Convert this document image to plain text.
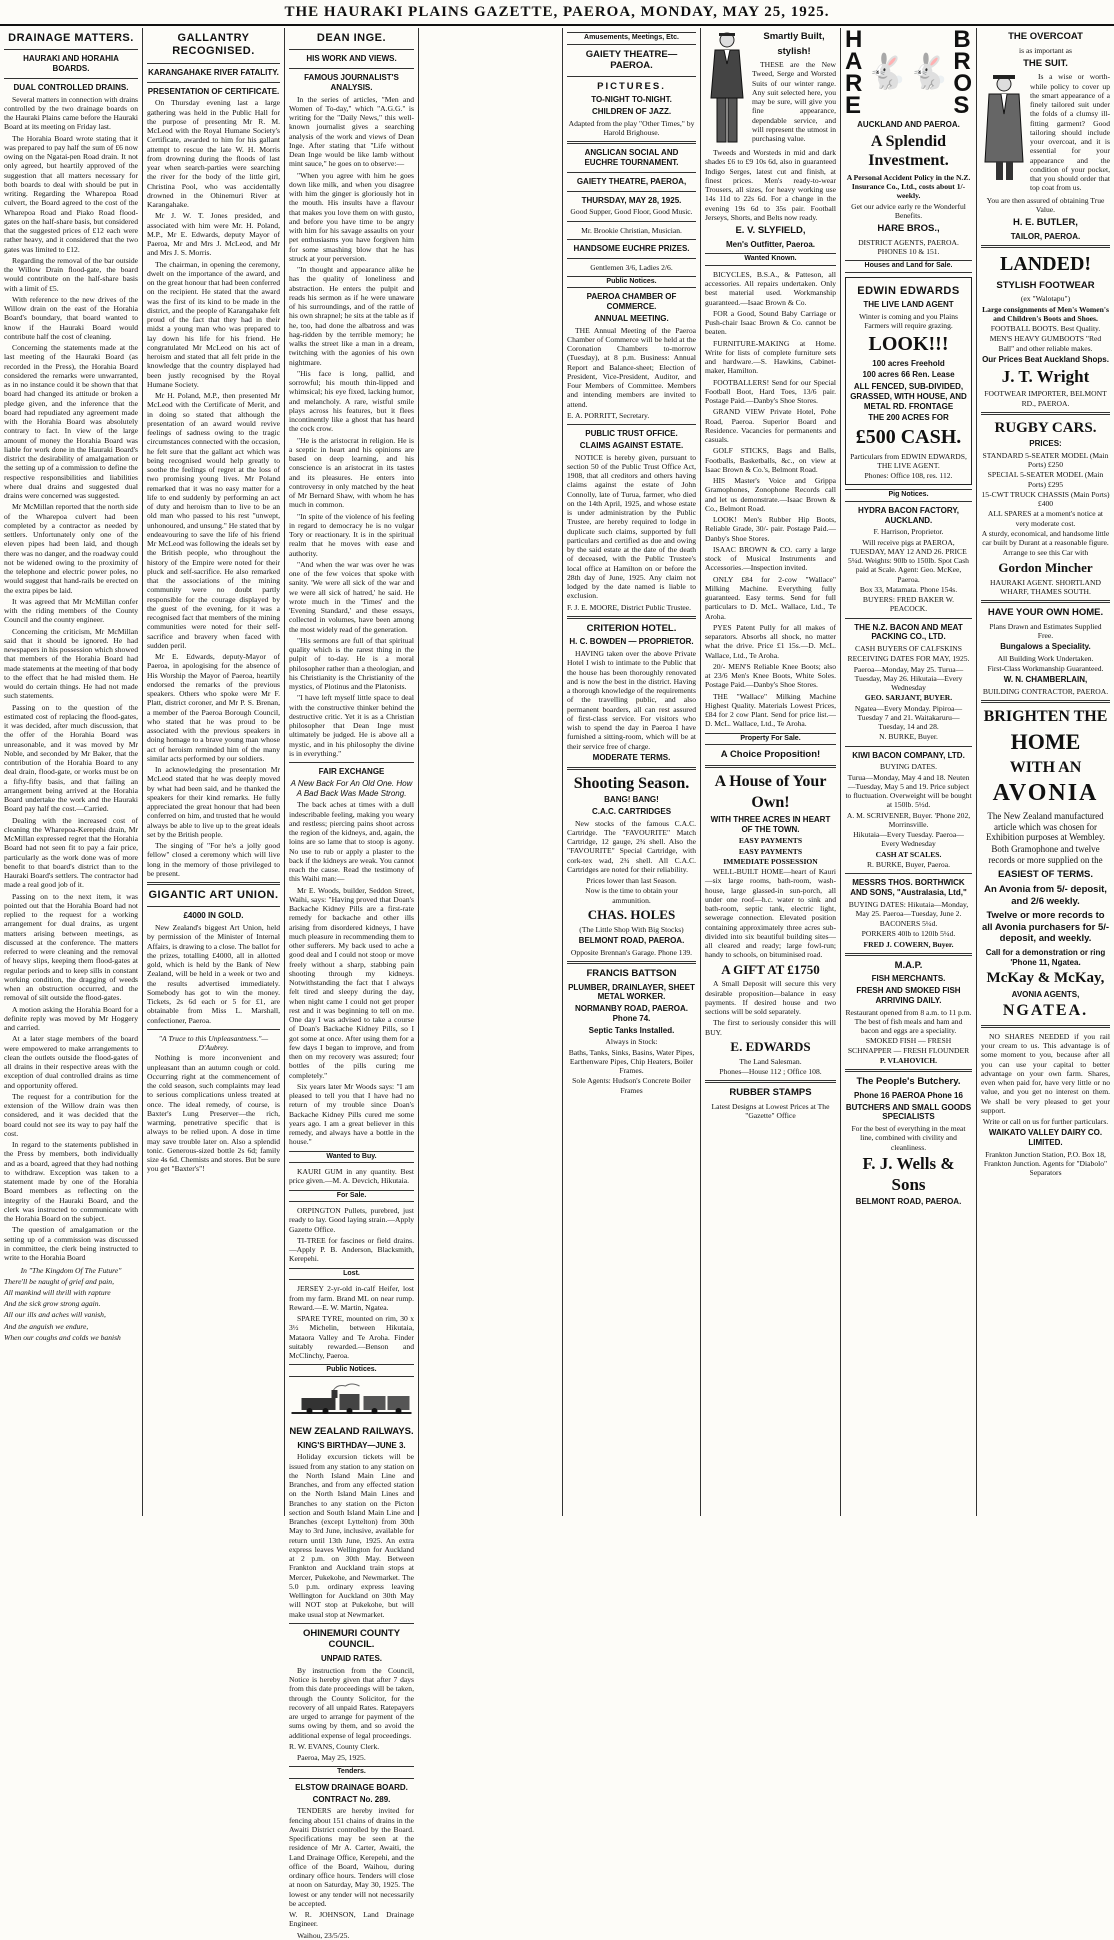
THE HAURAKI PLAINS GAZETTE, PAEROA, MONDAY, MAY 25, 1925.
DRAINAGE MATTERS.
HAURAKI AND HORAHIA BOARDS.
DUAL CONTROLLED DRAINS.

Several matters in connection with drains controlled by the two drainage boards on the Hauraki Plains came before the Hauraki Board at its meeting on Friday last.

The Horahia Board wrote stating that it was prepared to pay half the sum of £6 now owing on the Ngatai-pen Road drain. It not only agreed, but heartily approved of the suggestion that all matters necessary for both boards to deal with should be put in writing. Regarding the Wharepoa Road culvert, the Board agreed to the cost of the Wharepoa Road and Piako Road flood-gates on the half-share basis, but considered that the suggested prices of £12 each were rather heavy, and it considered that the two gates was limited to £12.

Regarding the removal of the bar outside the Willow Drain flood-gate, the board would contribute on the half-share basis with a limit of £5.

With reference to the new drives of the Willow drain on the east of the Horahia Board's boundary, that board wanted to know if the Hauraki Board would contribute half the cost of cleaning.

Concerning the statements made at the last meeting of the Hauraki Board (as recorded in the Press), the Horahia Board considered the remarks were unwarranted, as in no instance could it be shown that that board had changed its attitude or broken a pledge given, and the inference that the board had repudiated any agreement made with the Horahia Board was absolutely contrary to fact. In view of the large amount of money the Horahia Board was liable for work done in the Hauraki Board's district the desirability of amalgamation or the setting up of a commission to define the respective responsibilities and liabilities where dual drains and suggested dual drains were concerned was suggested.

Mr McMillan reported that the north side of the Wharepoa culvert had been completed by a contractor as needed by settlers. Unfortunately only one of the eleven pipes had been laid, and though there was no danger, and the roadway could not be widened owing to the proximity of the telephone and electric power poles, no would suggest that hand-rails be erected on the extra pipes be laid.

It was agreed that Mr McMillan confer with the riding members of the County Council and the county engineer.

Concerning the criticism, Mr McMillan said that it should be ignored. He had newspapers in his possession which showed that members of the Horahia Board had made statements at the meeting of that body to the effect that he had misled them. He would do certain things. He had not made such statements.

Passing on to the question of the estimated cost of replacing the flood-gates, it was decided, after much discussion, that the offer of the Horahia Board was unreasonable, and it was moved by Mr Noble, and seconded by Mr Baker, that the contribution of the Horahia Board to any deal drain, flood-gate, or works must be on a fifty-fifty basis, and that failing an arrangement being arrived at the Horahia Board undertake the work and the Hauraki Board pay half the cost.—Carried.

Dealing with the increased cost of cleaning the Wharepoa-Kerepehi drain, Mr McMillan expressed regret that the Horahia Board had not seen fit to pay a fair price, particularly as the work done was of more benefit to that board's district than to the Hauraki Board's settlers. The contractor had made a real good job of it.

Passing on to the next item, it was pointed out that the Horahia Board had not replied to the request for a working arrangement for dual drains, as urgent matters arising between meetings, as discussed at the conference. The matters referred to were cleaning and the removal of heavy slips, keeping them flood-gates at regular periods and to keep sills in constant working condition, the dragging of weeds when an obstruction occurred, and the removal of silt outside the flood-gates.

A motion asking the Horahia Board for a definite reply was moved by Mr Hoggery and carried.

At a later stage members of the board were empowered to make arrangements to clean the outlets outside the flood-gates of all drains in their respective areas with the exception of dual controlled drains as time and opportunity offered.

The request for a contribution for the extension of the Willow drain was then considered, and it was decided that the board could not see its way to pay half the cost.

In regard to the statements published in the Press by members, both individually and as a board, agreed that they had nothing to withdraw. Exception was taken to a statement made by one of the Horahia Board members as reflecting on the integrity of the Hauraki Board, and the clerk was instructed to communicate with the Horahia Board on the subject.

The question of amalgamation or the setting up of a commission was discussed in committee, the clerk being instructed to write to the Horahia Board

In "The Kingdom Of The Future"

There'll be naught of grief and pain,

All mankind will thrill with rapture

And the sick grow strong again.

All our ills and aches will vanish,

And the anguish we endure,

When our coughs and colds we banish

GALLANTRY RECOGNISED.
KARANGAHAKE RIVER FATALITY.
PRESENTATION OF CERTIFICATE.

On Thursday evening last a large gathering was held in the Public Hall for the purpose of presenting Mr R. M. McLeod with the Royal Humane Society's Certificate, awarded to him for his gallant attempt to rescue the late W. H. Morris from drowning during the floods of last year when search-parties were searching the river for the body of the little girl, Christina Pool, who was accidentally drowned in the Ohinemuri River at Karangahake.

Mr J. W. T. Jones presided, and associated with him were Mr. H. Poland, M.P., Mr E. Edwards, deputy Mayor of Paeroa, Mr and Mrs J. McLeod, and Mr and Mrs J. S. Morris.

The chairman, in opening the ceremony, dwelt on the importance of the award, and on the great honour that had been conferred on the recipient. He stated that the award was the first of its kind to be made in the district, and the people of Karangahake felt proud of the fact that they had in their midst a young man who was prepared to lay down his life for his friend. He congratulated Mr McLeod on his act of heroism and stated that all felt pride in the knowledge that the country displayed had been justly recognised by the Royal Humane Society.

Mr H. Poland, M.P., then presented Mr McLeod with the Certificate of Merit, and in doing so stated that although the presentation of an award would revive feelings of sadness owing to the tragic circumstances connected with the occasion, he felt sure that the gallant act which was being recognised would help greatly to soothe the feelings of regret at the loss of two promising young lives. Mr Poland remarked that it was no easy matter for a life to end suddenly by performing an act of duty and heroism than to live to be an old man who passed to his rest "unwept, unhonoured, and unsung." He stated that by endeavouring to save the life of his friend Mr McLeod was following the ideals set by the British people, who throughout the history of the Empire were noted for their pluck and self-sacrifice. He also remarked that the associations of the mining community were no doubt partly responsible for the courage displayed by the guest of the evening, for it was a recognised fact that members of the mining communities were noted for their self-sacrifice and bravery when faced with sudden peril.

Mr E. Edwards, deputy-Mayor of Paeroa, in apologising for the absence of His Worship the Mayor of Paeroa, heartily endorsed the remarks of the previous speakers. Others who spoke were Mr F. Platt, district coroner, and Mr P. S. Brenan, a member of the Paeroa Borough Council, who stated that he was proud to be associated with the previous speakers in doing homage to a brave young man whose act of heroism reminded him of the many similar acts performed by our soldiers.

In acknowledging the presentation Mr McLeod stated that he was deeply moved by what had been said, and he thanked the speakers for their kind remarks. He fully appreciated the great honour that had been conferred on him, and trusted that he would always be able to live up to the great ideals set by the British people.

The singing of "For he's a jolly good fellow" closed a ceremony which will live long in the memory of those privileged to be present.

GIGANTIC ART UNION.
£4000 IN GOLD.

New Zealand's biggest Art Union, held by permission of the Minister of Internal Affairs, is drawing to a close. The ballot for the prizes, totalling £4000, all in allotted gold, which is held by the Bank of New Zealand, will be held in a week or two and the results advertised immediately. Somebody has got to win the money. Tickets, 2s 6d each or 5 for £1, are obtainable from Miss L. Marshall, confectioner, Paeroa.

"A Truce to this Unpleasantness."—D'Aubrey.

Nothing is more inconvenient and unpleasant than an autumn cough or cold. Occurring right at the commencement of the cold season, such complaints may lead to serious complications unless treated at once. The ideal remedy, of course, is Baxter's Lung Preserver—the rich, warming, penetrative specific that is always to be relied upon. A dose in time may save trouble later on. Also a splendid tonic. Generous-sized bottle 2s 6d; family size 4s 6d. Chemists and stores. But be sure you get "Baxter's"!

DEAN INGE.
HIS WORK AND VIEWS.
FAMOUS JOURNALIST'S ANALYSIS.

In the series of articles, "Men and Women of To-day," which "A.G.G." is writing for the "Daily News," this well-known journalist gives a searching analysis of the work and views of Dean Inge. After stating that "Life without Dean Inge would be like lamb without mint sauce," he goes on to observe:—

"When you agree with him he goes down like milk, and when you disagree with him the ginger is gloriously hot in the mouth. His insults have a flavour that makes you love them on with gusto, and before you have time to be angry with him for his savage assaults on your pet enthusiasms you have forgiven him for some smashing blow that he has struck at your perversion.

"In thought and appearance alike he has the quality of loneliness and abstraction. He enters the pulpit and reads his sermon as if he were unaware of his surroundings, and of the rattle of his own shrapnel; he sits at the table as if he, too, had done the albatross and was hag-ridden by the terrible memory; he walks the street like a man in a dream, twitching with the agonies of his own nightmare.

"His face is long, pallid, and sorrowful; his mouth thin-lipped and whimsical; his eye fixed, lacking humor, and melancholy. A rare, wistful smile plays across his features, but it flees incontinently like a ghost that has heard the cock crow.

"He is the aristocrat in religion. He is a sceptic in heart and his opinions are based on deep learning, and his conscience is an aristocrat in its tastes and its pleasures. He enters into controversy in only matched by the heat of Mr Bernard Shaw, with whom he has much in common.

"In spite of the violence of his feeling in regard to democracy he is no vulgar Tory or reactionary. It is in the spiritual realm that he moves with ease and authority.

"And when the war was over he was one of the few voices that spoke with sanity. 'We were all sick of the war and we were all sick of hatred,' he said. He wrote much in the 'Times' and the 'Evening Standard,' and these essays, collected in volumes, have been among the most widely read of the generation.

"His sermons are full of that spiritual quality which is the rarest thing in the pulpit of to-day. He is a moral philosopher rather than a theologian, and his Christianity is the Christianity of the mystics, of Plotinus and the Platonists.

"I have left myself little space to deal with the constructive thinker behind the destructive critic. Yet it is as a Christian philosopher that Dean Inge must ultimately be judged. He is above all a mystic, and in his philosophy the divine is in everything."

FAIR EXCHANGE
A New Back For An Old One. How A Bad Back Was Made Strong.

The back aches at times with a dull indescribable feeling, making you weary and restless; piercing pains shoot across the region of the kidneys, and, again, the loins are so lame that to stoop is agony. No use to rub or apply a plaster to the back if the kidneys are weak. You cannot reach the cause. Read the testimony of this Waihi man:—

Mr E. Woods, builder, Seddon Street, Waihi, says: "Having proved that Doan's Backache Kidney Pills are a first-rate remedy for backache and other ills arising from disordered kidneys, I have much pleasure in recommending them to other sufferers. My back used to ache a good deal and I could not stoop or move freely without a sharp, stabbing pain shooting through my kidneys. Notwithstanding the fact that I always felt tired and sleepy during the day, when night came I could not get proper rest and it was beginning to tell on me. One day I was advised to take a course of Doan's Backache Kidney Pills, so I got some at once. After using them for a few days I began to improve, and from then on my recovery was assured; four bottles of the pills curing me completely."

Six years later Mr Woods says: "I am pleased to tell you that I have had no return of my trouble since Doan's Backache Kidney Pills cured me some years ago. I am a great believer in this remedy, and always have a bottle in the house."

Wanted to Buy.

KAURI GUM in any quantity. Best price given.—M. A. Devcich, Hikutaia.

For Sale.

ORPINGTON Pullets, purebred, just ready to lay. Good laying strain.—Apply Gazette Office.

TI-TREE for fascines or field drains.—Apply P. B. Anderson, Blacksmith, Kerepehi.

Lost.

JERSEY 2-yr-old in-calf Heifer, lost from my farm. Brand ML on near rump. Reward.—E. W. Martin, Ngatea.

SPARE TYRE, mounted on rim, 30 x 3½ Michelin, between Hikutaia, Mataora Valley and Te Aroha. Finder suitably rewarded.—Benson and McClinchy, Paeroa.

Public Notices.
NEW ZEALAND RAILWAYS.
KING'S BIRTHDAY—JUNE 3.

Holiday excursion tickets will be issued from any station to any station on the North Island Main Line and Branches, and from any effected station on the North Island Main Lines and Branches to any station on the Picton section and South Island Main Line and Branches (except Lyttelton) from 30th May to 3rd June, inclusive, available for return until 13th June, 1925. An extra express leaves Wellington for Auckland at 2 p.m. on 30th May. Between Frankton and Auckland train stops at Mercer, Pukekohe, and Newmarket. The 5.0 p.m. ordinary express leaving Wellington for Auckland on 30th May will NOT stop at Pukekohe, but will make usual stop at Newmarket.

OHINEMURI COUNTY COUNCIL.
UNPAID RATES.

By instruction from the Council, Notice is hereby given that after 7 days from this date proceedings will be taken, through the County Solicitor, for the recovery of all unpaid Rates. Ratepayers are urged to arrange for payment of the sums owing by them, and so avoid the additional expense of legal proceedings.

R. W. EVANS, County Clerk.

Paeroa, May 25, 1925.

Tenders.
ELSTOW DRAINAGE BOARD.
CONTRACT No. 289.

TENDERS are hereby invited for fencing about 151 chains of drains in the Awaiti District controlled by the Board. Specifications may be seen at the residence of Mr A. Carter, Awaiti, the Land Drainage Office, Kerepehi, and the office of the Board, Waihou, during ordinary office hours. Tenders will close at noon on Saturday, May 30, 1925. The lowest or any tender will not necessarily be accepted.

W. R. JOHNSON, Land Drainage Engineer.

Waihou, 23/5/25.

Amusements, Meetings, Etc.
GAIETY THEATRE—PAEROA.
PICTURES.
TO-NIGHT TO-NIGHT.
CHILDREN OF JAZZ.
Adapted from the play "Other Times," by Harold Brighouse.
ANGLICAN SOCIAL AND EUCHRE TOURNAMENT.
GAIETY THEATRE, PAEROA,
THURSDAY, MAY 28, 1925.
Good Supper, Good Floor, Good Music.
Mr. Brookie Christian, Musician.
HANDSOME EUCHRE PRIZES.
Gentlemen 3/6, Ladies 2/6.
Public Notices.
PAEROA CHAMBER OF COMMERCE.
ANNUAL MEETING.

THE Annual Meeting of the Paeroa Chamber of Commerce will be held at the Coronation Chambers to-morrow (Tuesday), at 8 p.m. Business: Annual Report and Balance-sheet; Election of President, Vice-President, Auditor, and Four Members of Committee. Members and intending members are invited to attend.

E. A. PORRITT, Secretary.

PUBLIC TRUST OFFICE.
CLAIMS AGAINST ESTATE.

NOTICE is hereby given, pursuant to section 50 of the Public Trust Office Act, 1908, that all creditors and others having claims against the estate of John Connolly, late of Turua, farmer, who died on the 14th April, 1925, and whose estate is under administration by the Public Trustee, are hereby required to lodge in duplicate such claims, supported by full particulars and certified as due and owing by the said estate at the date of the death of deceased, with the Public Trustee's local office at Hamilton on or before the 28th day of June, 1925. Any claim not lodged by the date named is liable to exclusion.

F. J. E. MOORE, District Public Trustee.

CRITERION HOTEL.
H. C. BOWDEN — PROPRIETOR.

HAVING taken over the above Private Hotel I wish to intimate to the Public that the house has been thoroughly renovated and is now the best in the district. Having a thorough knowledge of the requirements of the travelling public, and also permanent boarders, all can rest assured of first-class service. For visitors who wish to spend the day in Paeroa I have furnished a sitting-room, which will be at their service free of charge.

MODERATE TERMS.
Shooting Season.
BANG! BANG!
C.A.C. CARTRIDGES

New stocks of the famous C.A.C. Cartridge. The "FAVOURITE" Match Cartridge, 12 gauge, 2¾ shell. Also the "FAVOURITE" Special Cartridge, with cork-tex wad, 2¾ shell. All C.A.C. Cartridges are noted for their reliability.

Prices lower than last Season.
Now is the time to obtain your ammunition.
CHAS. HOLES
(The Little Shop With Big Stocks)
BELMONT ROAD, PAEROA.
Opposite Brennan's Garage. Phone 139.
FRANCIS BATTSON
PLUMBER, DRAINLAYER, SHEET METAL WORKER.
NORMANBY ROAD, PAEROA. Phone 74.
Septic Tanks Installed.
Always in Stock:
Baths, Tanks, Sinks, Basins, Water Pipes, Earthenware Pipes, Chip Heaters, Boiler Frames.
Sole Agents: Hudson's Concrete Boiler Frames
Smartly Built,
stylish!

THESE are the New Tweed, Serge and Worsted Suits of our winter range. Any suit selected here, you may be sure, will give you fine appearance, dependable service, and will represent the utmost in purchasing value.

Tweeds and Worsteds in mid and dark shades £6 to £9 10s 6d, also in guaranteed Indigo Serges, latest cut and finish, at finest prices. Men's ready-to-wear Trousers, all sizes, for heavy working use 14s 11d to 22s 6d. For a change in the evening 19s 6d to 35s pair. Football Jerseys, Shorts, and Belts now ready.

E. V. SLYFIELD,
Men's Outfitter, Paeroa.
Wanted Known.

BICYCLES, B.S.A., & Patteson, all accessories. All repairs undertaken. Only best material used. Workmanship guaranteed.—Isaac Brown & Co.

FOR a Good, Sound Baby Carriage or Push-chair Isaac Brown & Co. cannot be beaten.

FURNITURE-MAKING at Home. Write for lists of complete furniture sets and hardware.—S. Hawkins, Cabinet-maker, Hamilton.

FOOTBALLERS! Send for our Special Football Boot, Hard Toes, 13/6 pair. Postage Paid.—Danby's Shoe Stores.

GRAND VIEW Private Hotel, Pohe Road, Paeroa. Superior Board and Residence. Vacancies for permanents and casuals.

GOLF STICKS, Bags and Balls, Footballs, Basketballs, &c., on view at Isaac Brown & Co.'s, Belmont Road.

HIS Master's Voice and Grippa Gramophones, Zonophone Records call and let us demonstrate.—Isaac Brown & Co., Belmont Road.

LOOK! Men's Rubber Hip Boots, Reliable Grade, 30/- pair. Postage Paid.—Danby's Shoe Stores.

ISAAC BROWN & CO. carry a large stock of Musical Instruments and Accessories.—Inspection invited.

ONLY £84 for 2-cow "Wallace" Milking Machine. Everything fully guaranteed. Easy terms. Send for full particulars to D. McL. Wallace, Ltd., Te Aroha.

PYES Patent Pully for all makes of separators. Absorbs all shock, no matter what the drive. Price £1 15s.—D. McL. Wallace, Ltd., Te Aroha.

20/- MEN'S Reliable Knee Boots; also at 23/6 Men's Knee Boots, White Soles. Postage Paid.—Danby's Shoe Stores.

THE "Wallace" Milking Machine Highest Quality. Materials Lowest Prices, £84 for 2 cow Plant. Send for price list.—D. McL. Wallace, Ltd., Te Aroha.

Property For Sale.
A Choice Proposition!
A House of Your
Own!
WITH THREE ACRES IN HEART OF THE TOWN.
EASY PAYMENTS
EASY PAYMENTS
IMMEDIATE POSSESSION

WELL-BUILT HOME—heart of Kauri—six large rooms, bath-room, wash-house, large glassed-in sun-porch, all under one roof—h.c. water to sink and bath-room, septic tank, electric light, sewerage connection. Elevated position containing approximately three acres sub-divided into six beautiful building sites—all cleared and ready; large fowl-run; handy to schools, on bituminised road.

A GIFT AT £1750

A Small Deposit will secure this very desirable proposition—balance in easy payments. If desired house and two sections will be sold separately.

The first to seriously consider this will BUY.

E. EDWARDS
The Land Salesman.
Phones—House 112 ; Office 108.
RUBBER STAMPS
Latest Designs at Lowest Prices at The "Gazette" Office
H
A
R
E
🐇🐇
B
R
O
S
AUCKLAND AND PAEROA.
A Splendid Investment.
A Personal Accident Policy in the N.Z. Insurance Co., Ltd., costs about 1/- weekly.
Get our advice early re the Wonderful Benefits.
HARE BROS.,
DISTRICT AGENTS, PAEROA. PHONES 10 & 151.
Houses and Land for Sale.
EDWIN EDWARDS
THE LIVE LAND AGENT
Winter is coming and you Plains Farmers will require grazing.
LOOK!!!
100 acres Freehold
100 acres 66 Ren. Lease
ALL FENCED, SUB-DIVIDED, GRASSED, WITH HOUSE, AND METAL RD. FRONTAGE
THE 200 ACRES FOR
£500 CASH.
Particulars from EDWIN EDWARDS, THE LIVE AGENT.
Phones: Office 108, res. 112.
Pig Notices.
HYDRA BACON FACTORY, AUCKLAND.
F. Harrison, Proprietor.
Will receive pigs at PAEROA, TUESDAY, MAY 12 AND 26. PRICE 5¼d. Weights: 90lb to 150lb. Spot Cash paid at Scale. Agent: Geo. McKee, Paeroa.
Box 33, Matamata. Phone 154s.
BUYERS: FRED BAKER W. PEACOCK.
THE N.Z. BACON AND MEAT PACKING CO., LTD.
CASH BUYERS OF CALFSKINS
RECEIVING DATES FOR MAY, 1925.
Paeroa—Monday, May 25. Turua—Tuesday, May 26. Hikutaia—Every Wednesday
GEO. SARJANT, BUYER.
Ngatea—Every Monday. Pipiroa—Tuesday 7 and 21. Waitakaruru—Tuesday, 14 and 28.
N. BURKE, Buyer.
KIWI BACON COMPANY, LTD.
BUYING DATES.
Turua—Monday, May 4 and 18. Neuten—Tuesday, May 5 and 19. Price subject to fluctuation. Overweight will be bought at 150lb. 5½d.
A. M. SCRIVENER, Buyer. 'Phone 202, Morrinsville.
Hikutaia—Every Tuesday. Paeroa—Every Wednesday
CASH AT SCALES.
R. BURKE, Buyer, Paeroa.
MESSRS THOS. BORTHWICK AND SONS, "Australasia, Ltd,"
BUYING DATES: Hikutaia—Monday, May 25. Paeroa—Tuesday, June 2.
BACONERS 5¼d.
PORKERS 40lb to 120lb 5¼d.
FRED J. COWERN, Buyer.
M.A.P.
FISH MERCHANTS.
FRESH AND SMOKED FISH ARRIVING DAILY.
Restaurant opened from 8 a.m. to 11 p.m. The best of fish meals and ham and bacon and eggs are a speciality.
SMOKED FISH — FRESH SCHNAPPER — FRESH FLOUNDER
P. VLAHOVICH.
The People's Butchery.
Phone 16 PAEROA Phone 16
BUTCHERS AND SMALL GOODS SPECIALISTS
For the best of everything in the meat line, combined with civility and cleanliness.
F. J. Wells & Sons
BELMONT ROAD, PAEROA.
THE OVERCOAT
is as important as
THE SUIT.

Is a wise or worth-while policy to cover up the smart appearance of a finely tailored suit under the folds of a clumsy ill-fitting garment? Good tailoring should include your overcoat, and it is essential for your appearance and the condition of your pocket, that you should order that top coat from us.

You are then assured of obtaining True Value.
H. E. BUTLER,
TAILOR, PAEROA.
LANDED!
STYLISH FOOTWEAR
(ex "Walotapu")
Large consignments of Men's Women's and Children's Boots and Shoes.
FOOTBALL BOOTS. Best Quality.
MEN'S HEAVY GUMBOOTS "Red Ball" and other reliable makes.
Our Prices Beat Auckland Shops.
J. T. Wright
FOOTWEAR IMPORTER, BELMONT RD., PAEROA.
RUGBY CARS.
PRICES:
STANDARD 5-SEATER MODEL (Main Ports) £250
SPECIAL 5-SEATER MODEL (Main Ports) £295
15-CWT TRUCK CHASSIS (Main Ports) £400
ALL SPARES at a moment's notice at very moderate cost.
A sturdy, economical, and handsome little car built by Durant at a reasonable figure.
Arrange to see this Car with
Gordon Mincher
HAURAKI AGENT. SHORTLAND WHARF, THAMES SOUTH.
HAVE YOUR OWN HOME.
Plans Drawn and Estimates Supplied Free.
Bungalows a Speciality.
All Building Work Undertaken.
First-Class Workmanship Guaranteed.
W. N. CHAMBERLAIN,
BUILDING CONTRACTOR, PAEROA.
BRIGHTEN THE
HOME
WITH AN
AVONIA
The New Zealand manufactured article which was chosen for Exhibition purposes at Wembley.
Both Gramophone and twelve records or more supplied on the
EASIEST OF TERMS.
An Avonia from 5/- deposit, and 2/6 weekly.
Twelve or more records to all Avonia purchasers for 5/- deposit, and weekly.
Call for a demonstration or ring 'Phone 11, Ngatea.
McKay & McKay,
AVONIA AGENTS,
NGATEA.

NO SHARES NEEDED if you rail your cream to us. This advantage is of some moment to you, because after all you can use your capital to better advantage on your own farm. Shares, even when paid for, have very little or no value, and you get no interest on them. We shall be very pleased to get your support.

Write or call on us for further particulars.
WAIKATO VALLEY DAIRY CO. LIMITED.
Frankton Junction Station, P.O. Box 18, Frankton Junction. Agents for "Diabolo" Separators
